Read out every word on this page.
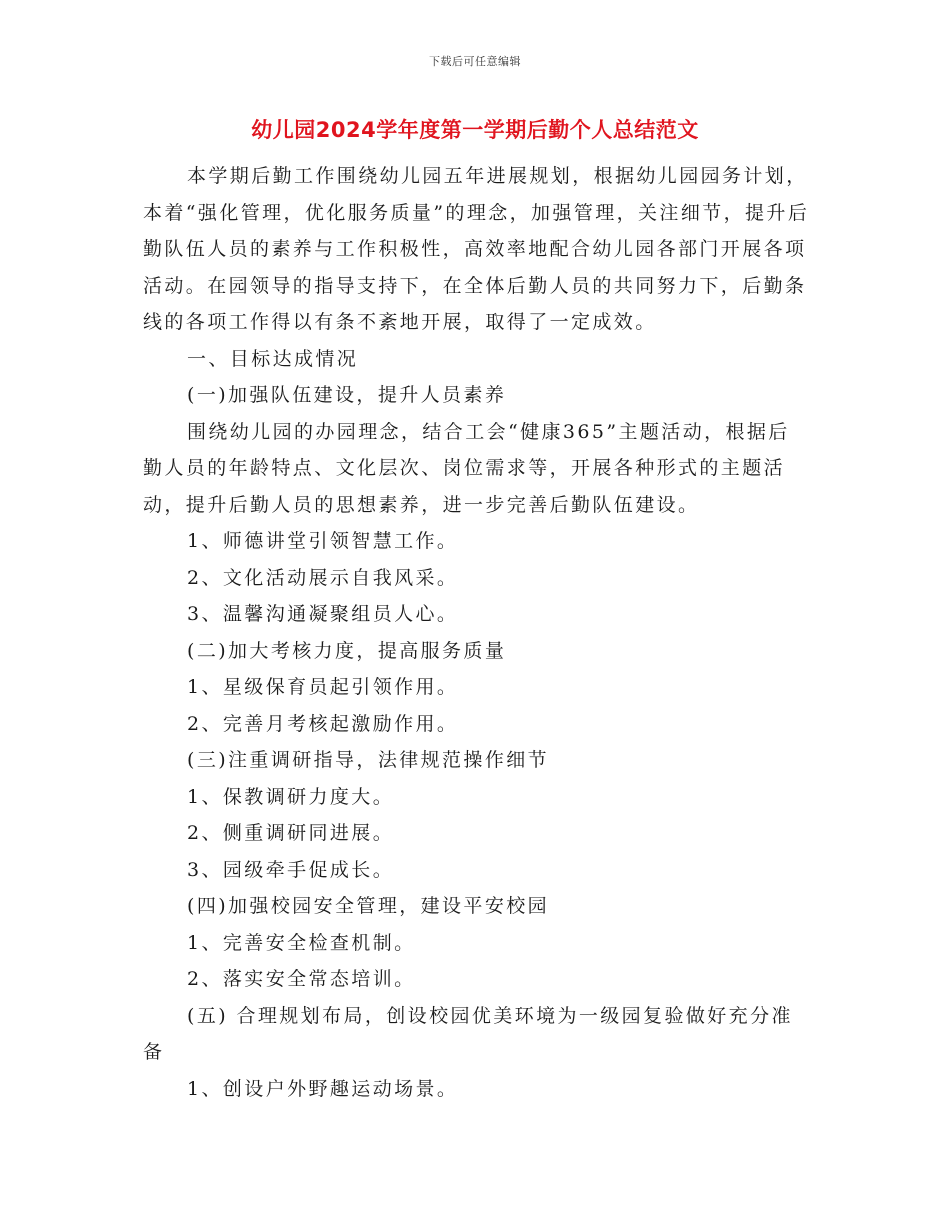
下载后可任意编辑
幼儿园2024学年度第一学期后勤个人总结范文

本学期后勤工作围绕幼儿园五年进展规划，根据幼儿园园务计划，本着“强化管理，优化服务质量”的理念，加强管理，关注细节，提升后勤队伍人员的素养与工作积极性，高效率地配合幼儿园各部门开展各项活动。在园领导的指导支持下，在全体后勤人员的共同努力下，后勤条线的各项工作得以有条不紊地开展，取得了一定成效。

一、目标达成情况

(一)加强队伍建设，提升人员素养

围绕幼儿园的办园理念，结合工会“健康365”主题活动，根据后勤人员的年龄特点、文化层次、岗位需求等，开展各种形式的主题活动，提升后勤人员的思想素养，进一步完善后勤队伍建设。

1、师德讲堂引领智慧工作。

2、文化活动展示自我风采。

3、温馨沟通凝聚组员人心。

(二)加大考核力度，提高服务质量

1、星级保育员起引领作用。

2、完善月考核起激励作用。

(三)注重调研指导，法律规范操作细节

1、保教调研力度大。

2、侧重调研同进展。

3、园级牵手促成长。

(四)加强校园安全管理，建设平安校园

1、完善安全检查机制。

2、落实安全常态培训。

(五) 合理规划布局，创设校园优美环境为一级园复验做好充分准备

1、创设户外野趣运动场景。
